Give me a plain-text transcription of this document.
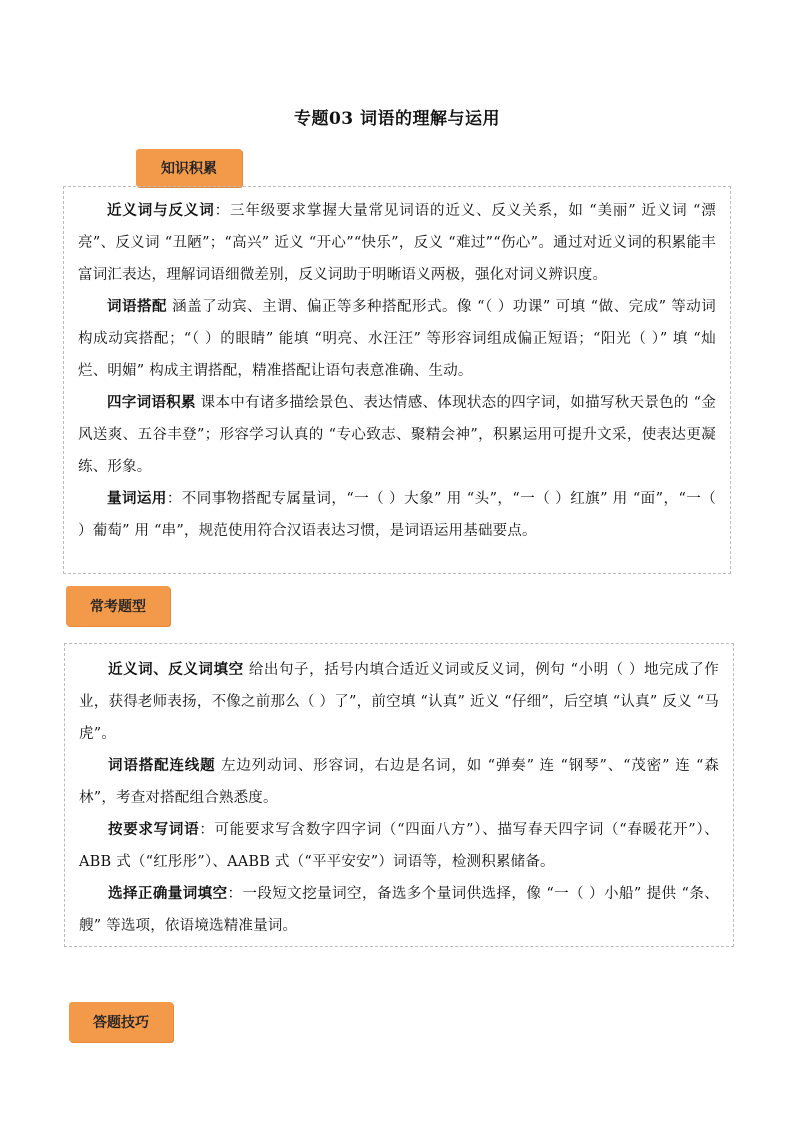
专题03 词语的理解与运用
知识积累

近义词与反义词：三年级要求掌握大量常见词语的近义、反义关系，如 “美丽” 近义词 “漂亮”、反义词 “丑陋”；“高兴” 近义 “开心”“快乐”，反义 “难过”“伤心”。通过对近义词的积累能丰富词汇表达，理解词语细微差别，反义词助于明晰语义两极，强化对词义辨识度。

词语搭配 涵盖了动宾、主谓、偏正等多种搭配形式。像 “（ ）功课” 可填 “做、完成” 等动词构成动宾搭配；“（ ）的眼睛” 能填 “明亮、水汪汪” 等形容词组成偏正短语；“阳光（ ）” 填 “灿烂、明媚” 构成主谓搭配，精准搭配让语句表意准确、生动。

四字词语积累 课本中有诸多描绘景色、表达情感、体现状态的四字词，如描写秋天景色的 “金风送爽、五谷丰登”；形容学习认真的 “专心致志、聚精会神”，积累运用可提升文采，使表达更凝练、形象。

量词运用：不同事物搭配专属量词，“一（ ）大象” 用 “头”，“一（ ）红旗” 用 “面”，“一（ ）葡萄” 用 “串”，规范使用符合汉语表达习惯，是词语运用基础要点。

常考题型

近义词、反义词填空 给出句子，括号内填合适近义词或反义词，例句 “小明（ ）地完成了作业，获得老师表扬，不像之前那么（ ）了”，前空填 “认真” 近义 “仔细”，后空填 “认真” 反义 “马虎”。

词语搭配连线题 左边列动词、形容词，右边是名词，如 “弹奏” 连 “钢琴”、“茂密” 连 “森林”，考查对搭配组合熟悉度。

按要求写词语：可能要求写含数字四字词（“四面八方”）、描写春天四字词（“春暖花开”）、ABB 式（“红彤彤”）、AABB 式（“平平安安”）词语等，检测积累储备。

选择正确量词填空：一段短文挖量词空，备选多个量词供选择，像 “一（ ）小船” 提供 “条、艘” 等选项，依语境选精准量词。

答题技巧
